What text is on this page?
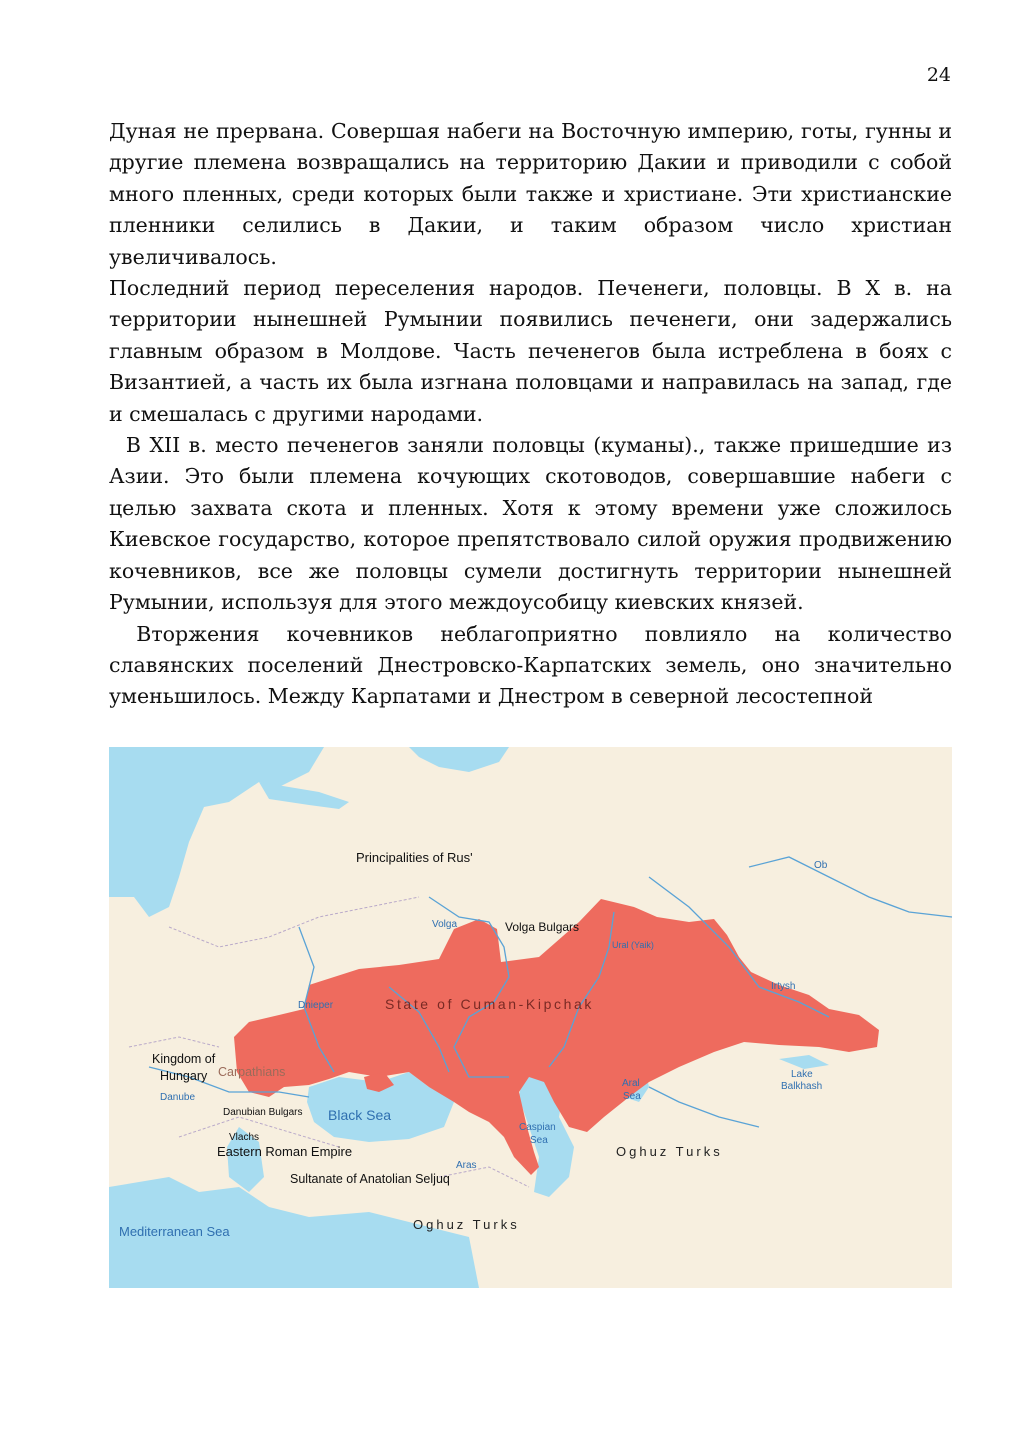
24

Дуная не прервана. Совершая набеги на Восточную империю, готы, гунны и другие племена возвращались на территорию Дакии и приводили с собой много пленных, среди которых были также и христиане. Эти христианские пленники селились в Дакии, и таким образом число христиан увеличивалось.

Последний период переселения народов. Печенеги, половцы. В X в. на территории нынешней Румынии появились печенеги, они задержались главным образом в Молдове. Часть печенегов была истреблена в боях с Византией, а часть их была изгнана половцами и направилась на запад, где и смешалась с другими народами.

В XII в. место печенегов заняли половцы (куманы)., также пришедшие из Азии. Это были племена кочующих скотоводов, совершавшие набеги с целью захвата скота и пленных. Хотя к этому времени уже сложилось Киевское государство, которое препятствовало силой оружия продвижению кочевников, все же половцы сумели достигнуть территории нынешней Румынии, используя для этого междоусобицу киевских князей.

Вторжения кочевников неблагоприятно повлияло на количество славянских поселений Днестровско-Карпатских земель, оно значительно уменьшилось. Между Карпатами и Днестром в северной лесостепной

Principalities of Rus'
Volga	Volga Bulgars
Ob
Ural (Yaik)
Dnieper	State of Cuman-Kipchak
Irtysh
Kingdom of
Hungary Carpathians
Danube
Danubian Bulgars Black Sea
Aral
Sea
Lake
Balkhash
Vlachs
Eastern Roman Empire
Caspian
Sea
Oghuz Turks
Aras
Sultanate of Anatolian Seljuq
Oghuz Turks
Mediterranean Sea
